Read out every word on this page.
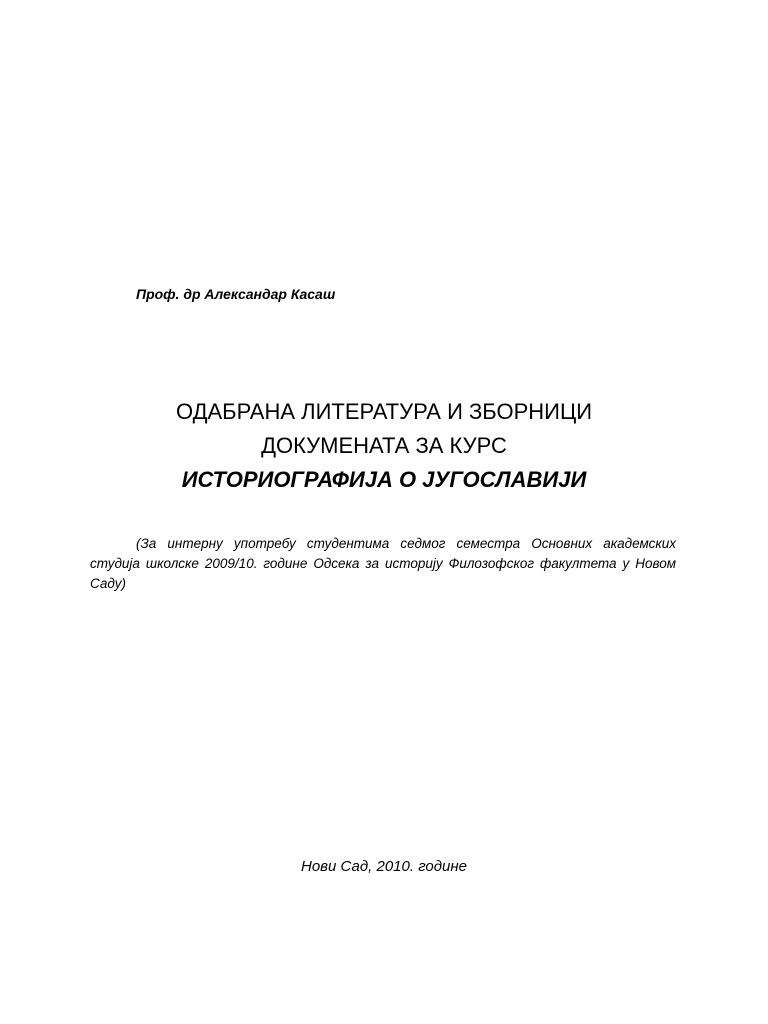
Проф. др Александар Касаш
ОДАБРАНА ЛИТЕРАТУРА И ЗБОРНИЦИ
ДОКУМЕНАТА ЗА КУРС
ИСТОРИОГРАФИЈА О ЈУГОСЛАВИЈИ
(За интерну употребу студентима седмог семестра Основних академских студија школске 2009/10. године Одсека за историју Филозофског факултета у Новом Саду)
Нови Сад, 2010. године
